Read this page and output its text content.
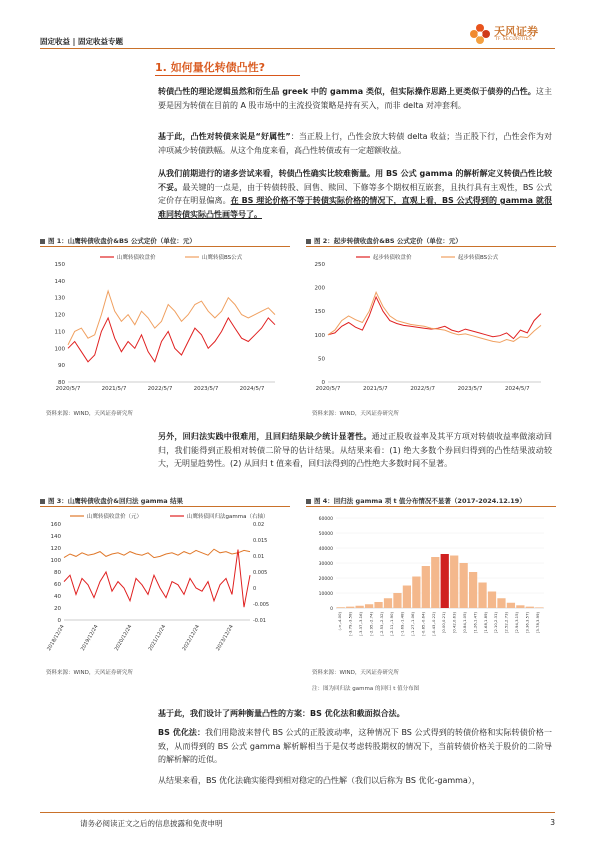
固定收益 | 固定收益专题
天风证券
TF SECURITIES
1. 如何量化转债凸性?
转债凸性的理论逻辑虽然和衍生品 greek 中的 gamma 类似，但实际操作思路上更类似于债券的凸性。这主要是因为转债在目前的 A 股市场中的主流投资策略是持有买入，而非 delta 对冲套利。
基于此，凸性对转债来说是“好属性”：当正股上行，凸性会放大转债 delta 收益；当正股下行，凸性会作为对冲项减少转债跌幅。从这个角度来看，高凸性转债或有一定超额收益。
从我们前期进行的诸多尝试来看，转债凸性确实比较难衡量。用 BS 公式 gamma 的解析解定义转债凸性比较不妥。最关键的一点是，由于转债转股、回售、赎回、下修等多个期权相互嵌套，且执行具有主观性，BS 公式定价存在明显偏离。在 BS 理论价格不等于转债实际价格的情况下，直观上看，BS 公式得到的 gamma 就很难同转债实际凸性画等号了。
图 1：山鹰转债收盘价&BS 公式定价（单位：元）
80
90
100
110
120
130
140
150
2020/5/7	2021/5/7	2022/5/7	2023/5/7	2024/5/7
山鹰转债收盘价	山鹰转债BS公式
资料来源：WIND，天风证券研究所
图 2：起步转债收盘价&BS 公式定价（单位：元）
0
50
100
150
200
250
2020/5/7	2021/5/7	2022/5/7	2023/5/7	2024/5/7
起步转债收盘价	起步转债BS公式
资料来源：WIND，天风证券研究所
另外，回归法实践中很难用，且回归结果缺少统计显著性。通过正股收益率及其平方项对转债收益率做滚动回归，我们能得到正股相对转债二阶导的估计结果。从结果来看：(1) 绝大多数个券回归得到的凸性结果波动较大，无明显趋势性。(2) 从回归 t 值来看，回归法得到的凸性绝大多数时间不显著。
图 3：山鹰转债收盘价&回归法 gamma 结果
0
20
40
60
80
100
120
140
160
-0.01
-0.005
0
0.005
0.01
0.015
0.02
2018/12/24	2019/12/24	2020/12/24	2021/12/24	2022/12/24	2023/12/24
山鹰转债收盘价（元）	山鹰转债回归法gamma（右轴）
资料来源：WIND，天风证券研究所
图 4：回归法 gamma 项 t 值分布情况不显著（2017-2024.12.19）
0
10000
20000
30000
40000
50000
60000
(-∞,-4.00) [-3.79,-3.58) [-3.37,-3.16) [-2.95,-2.74) [-2.53,-2.32) [-2.11,-1.90) [-1.69,-1.48) [-1.27,-1.06) [-0.85,-0.64) [-0.43,-0.22) [0.00,0.21) [0.42,0.63) [0.84,1.05) [1.26,1.47) [1.68,1.89) [2.10,2.31) [2.52,2.73) [2.94,3.15) [3.36,3.57) [3.78,3.99)
资料来源：WIND，天风证券研究所
注：图为回归法 gamma 的回归 t 值分布图
基于此，我们设计了两种衡量凸性的方案：BS 优化法和截面拟合法。
BS 优化法：我们用隐波来替代 BS 公式的正股波动率，这种情况下 BS 公式得到的转债价格和实际转债价格一致，从而得到的 BS 公式 gamma 解析解相当于是仅考虑转股期权的情况下，当前转债价格关于股价的二阶导的解析解的近似。
从结果来看，BS 优化法确实能得到相对稳定的凸性解（我们以后称为 BS 优化-gamma），
请务必阅读正文之后的信息披露和免责申明	3
